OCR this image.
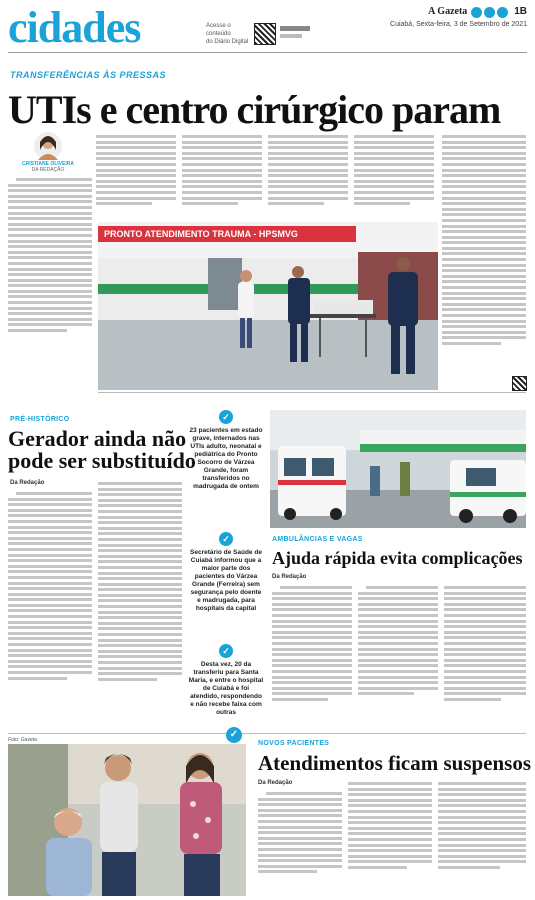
cidades	Acesse o conteúdo
do Diário Digital
A Gazeta	1B
Cuiabá, Sexta-feira, 3 de Setembro de 2021
TRANSFERÊNCIAS ÀS PRESSAS
UTIs e centro cirúrgico param
CRISTIANE OLIVEIRA
DA REDAÇÃO
PRONTO ATENDIMENTO TRAUMA - HPSMVG
PRÉ-HISTÓRICO
Gerador ainda não pode ser substituído
Da Redação
✓
23 pacientes em estado grave, internados nas UTIs adulto, neonatal e pediátrica do Pronto Socorro de Várzea Grande, foram transferidos no madrugada de ontem
✓
Secretário de Saúde de Cuiabá informou que a maior parte dos pacientes do Várzea Grande (Ferreira) sem segurança pelo doente e madrugada, para hospitais da capital
✓
Desta vez, 20 da transferiu para Santa Maria, e entre o hospital de Cuiabá e foi atendido, respondendo e não recebe faixa com outras
AMBULÂNCIAS E VAGAS
Ajuda rápida evita complicações
Da Redação
Foto: Gazeta	✓
NOVOS PACIENTES
Atendimentos ficam suspensos
Da Redação
